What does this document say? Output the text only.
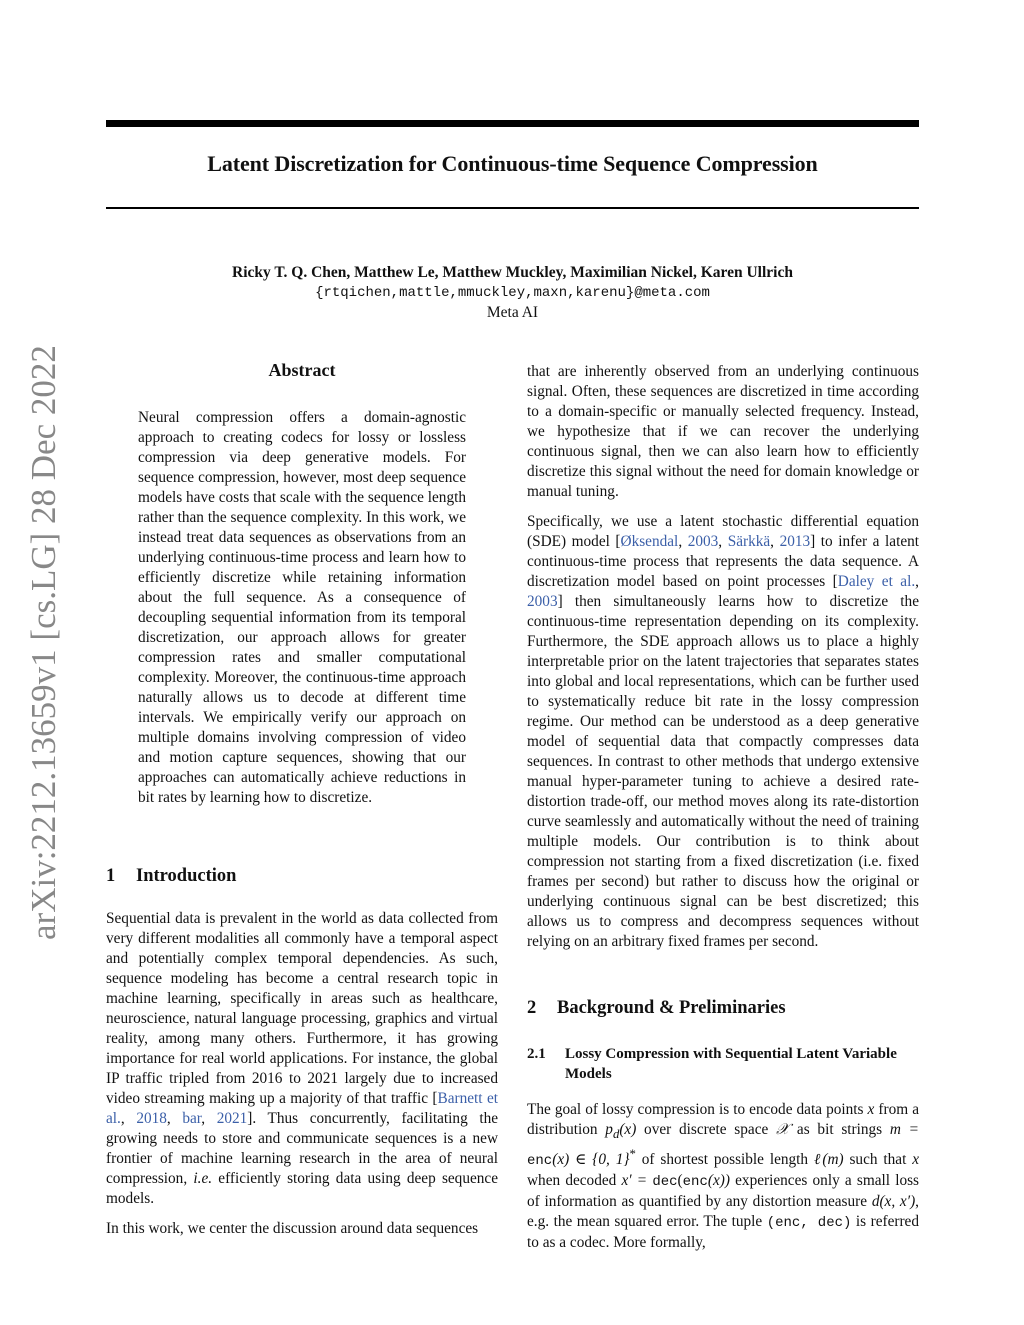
Latent Discretization for Continuous-time Sequence Compression
Ricky T. Q. Chen, Matthew Le, Matthew Muckley, Maximilian Nickel, Karen Ullrich
{rtqichen,mattle,mmuckley,maxn,karenu}@meta.com
Meta AI
arXiv:2212.13659v1 [cs.LG] 28 Dec 2022	Abstract

Neural compression offers a domain-agnostic approach to creating codecs for lossy or lossless compression via deep generative models. For sequence compression, however, most deep sequence models have costs that scale with the sequence length rather than the sequence complexity. In this work, we instead treat data sequences as observations from an underlying continuous-time process and learn how to efficiently discretize while retaining information about the full sequence. As a consequence of decoupling sequential information from its temporal discretization, our approach allows for greater compression rates and smaller computational complexity. Moreover, the continuous-time approach naturally allows us to decode at different time intervals. We empirically verify our approach on multiple domains involving compression of video and motion capture sequences, showing that our approaches can automatically achieve reductions in bit rates by learning how to discretize.

1 Introduction

Sequential data is prevalent in the world as data collected from very different modalities all commonly have a temporal aspect and potentially complex temporal dependencies. As such, sequence modeling has become a central research topic in machine learning, specifically in areas such as healthcare, neuroscience, natural language processing, graphics and virtual reality, among many others. Furthermore, it has growing importance for real world applications. For instance, the global IP traffic tripled from 2016 to 2021 largely due to increased video streaming making up a majority of that traffic [Barnett et al., 2018, bar, 2021]. Thus concurrently, facilitating the growing needs to store and communicate sequences is a new frontier of machine learning research in the area of neural compression, i.e. efficiently storing data using deep sequence models.

In this work, we center the discussion around data sequences

that are inherently observed from an underlying continuous signal. Often, these sequences are discretized in time according to a domain-specific or manually selected frequency. Instead, we hypothesize that if we can recover the underlying continuous signal, then we can also learn how to efficiently discretize this signal without the need for domain knowledge or manual tuning.

Specifically, we use a latent stochastic differential equation (SDE) model [Øksendal, 2003, Särkkä, 2013] to infer a latent continuous-time process that represents the data sequence. A discretization model based on point processes [Daley et al., 2003] then simultaneously learns how to discretize the continuous-time representation depending on its complexity. Furthermore, the SDE approach allows us to place a highly interpretable prior on the latent trajectories that separates states into global and local representations, which can be further used to systematically reduce bit rate in the lossy compression regime. Our method can be understood as a deep generative model of sequential data that compactly compresses data sequences. In contrast to other methods that undergo extensive manual hyper-parameter tuning to achieve a desired rate-distortion trade-off, our method moves along its rate-distortion curve seamlessly and automatically without the need of training multiple models. Our contribution is to think about compression not starting from a fixed discretization (i.e. fixed frames per second) but rather to discuss how the original or underlying continuous signal can be best discretized; this allows us to compress and decompress sequences without relying on an arbitrary fixed frames per second.

2 Background & Preliminaries
2.1 Lossy Compression with Sequential Latent Variable Models

The goal of lossy compression is to encode data points x from a distribution $p_d(x)$ over discrete space 𝒳 as bit strings m = enc(x) ∈ {0, 1}* of shortest possible length ℓ(m) such that x when decoded x′ = dec(enc(x)) experiences only a small loss of information as quantified by any distortion measure d(x, x′), e.g. the mean squared error. The tuple (enc, dec) is referred to as a codec. More formally,
